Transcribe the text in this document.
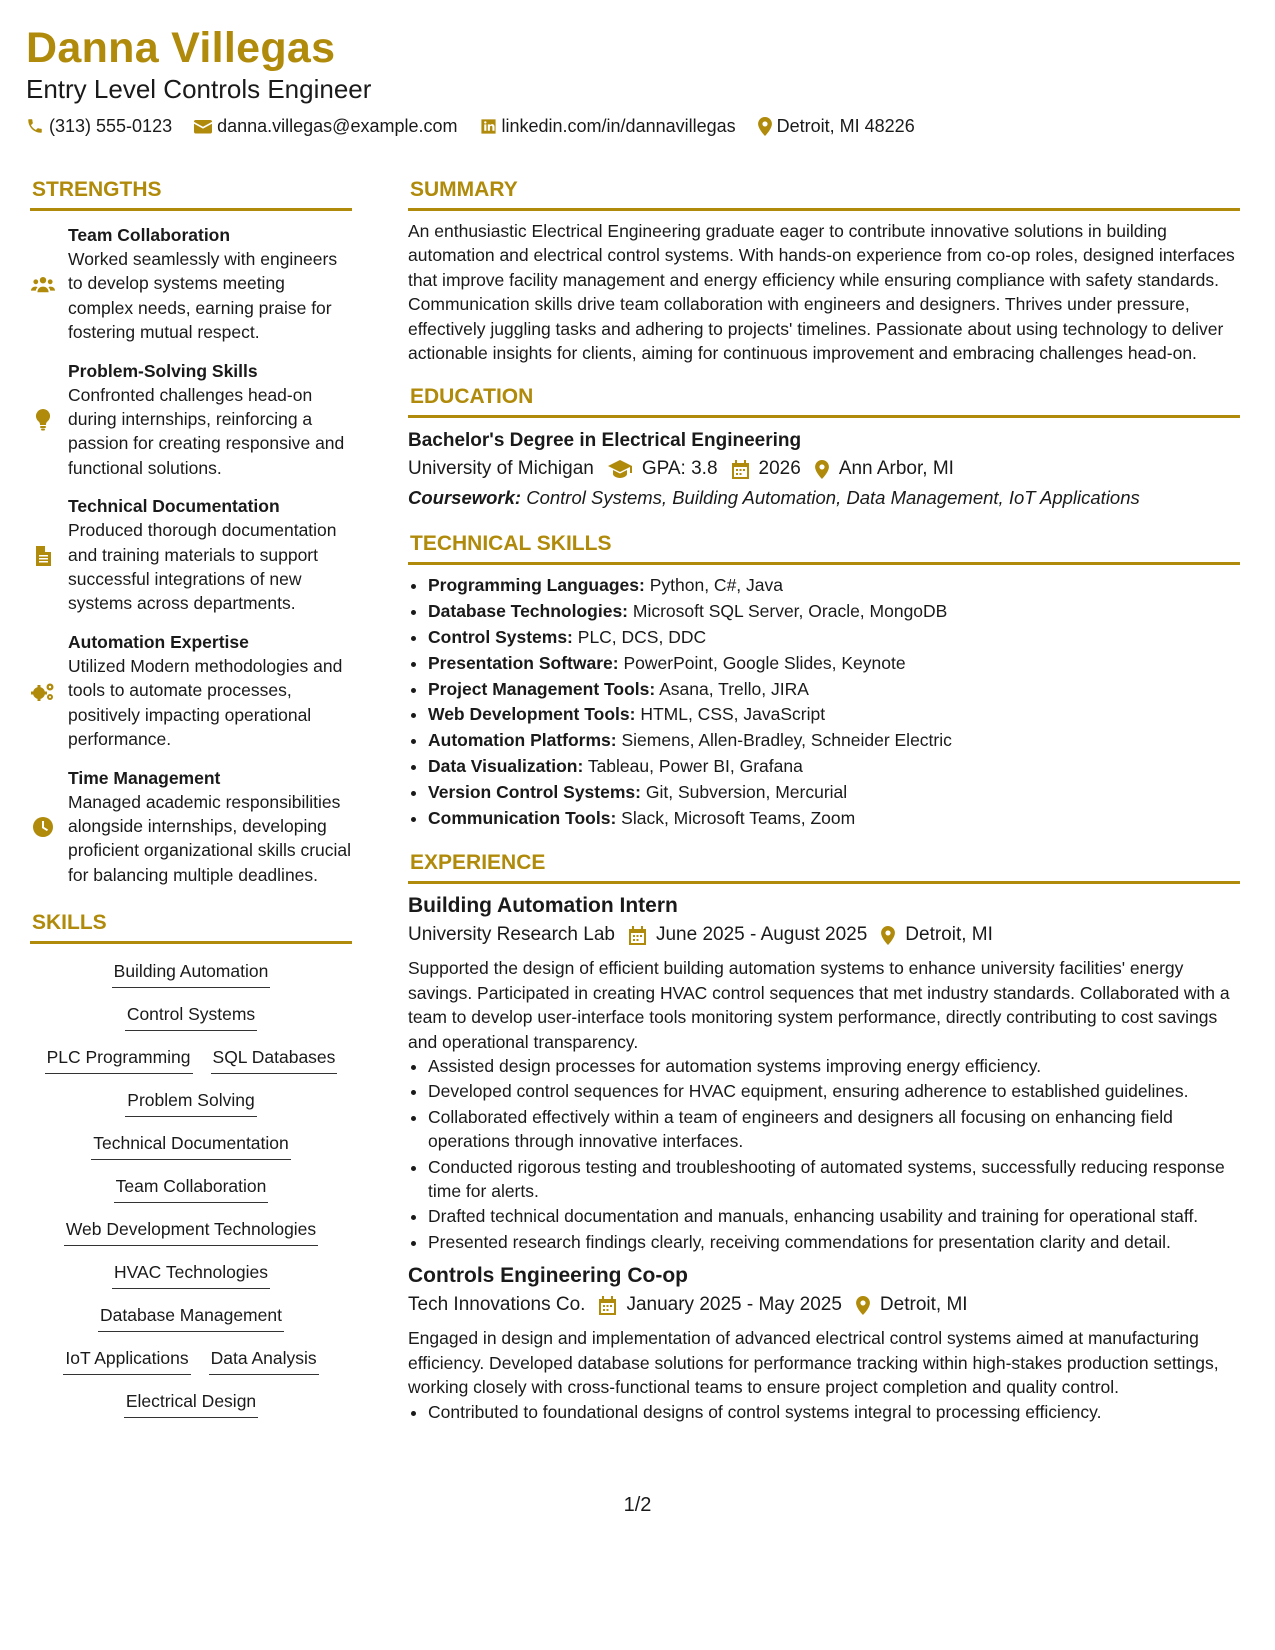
Danna Villegas
Entry Level Controls Engineer
(313) 555-0123	danna.villegas@example.com linkedin.com/in/dannavillegas Detroit, MI 48226
STRENGTHS
Team Collaboration
Worked seamlessly with engineers to develop systems meeting complex needs, earning praise for fostering mutual respect.
Problem-Solving Skills
Confronted challenges head-on during internships, reinforcing a passion for creating responsive and functional solutions.
Technical Documentation
Produced thorough documentation and training materials to support successful integrations of new systems across departments.
Automation Expertise
Utilized Modern methodologies and tools to automate processes, positively impacting operational performance.
Time Management
Managed academic responsibilities alongside internships, developing proficient organizational skills crucial for balancing multiple deadlines.
SKILLS
Building Automation
Control Systems
PLC Programming SQL Databases
Problem Solving
Technical Documentation
Team Collaboration
Web Development Technologies
HVAC Technologies
Database Management
IoT Applications Data Analysis
Electrical Design
SUMMARY

An enthusiastic Electrical Engineering graduate eager to contribute innovative solutions in building automation and electrical control systems. With hands-on experience from co-op roles, designed interfaces that improve facility management and energy efficiency while ensuring compliance with safety standards. Communication skills drive team collaboration with engineers and designers. Thrives under pressure, effectively juggling tasks and adhering to projects' timelines. Passionate about using technology to deliver actionable insights for clients, aiming for continuous improvement and embracing challenges head-on.

EDUCATION
Bachelor's Degree in Electrical Engineering
University of Michigan	GPA: 3.8 2026 Ann Arbor, MI
Coursework: Control Systems, Building Automation, Data Management, IoT Applications
TECHNICAL SKILLS
• Programming Languages: Python, C#, Java
• Database Technologies: Microsoft SQL Server, Oracle, MongoDB
• Control Systems: PLC, DCS, DDC
• Presentation Software: PowerPoint, Google Slides, Keynote
• Project Management Tools: Asana, Trello, JIRA
• Web Development Tools: HTML, CSS, JavaScript
• Automation Platforms: Siemens, Allen-Bradley, Schneider Electric
• Data Visualization: Tableau, Power BI, Grafana
• Version Control Systems: Git, Subversion, Mercurial
• Communication Tools: Slack, Microsoft Teams, Zoom
EXPERIENCE
Building Automation Intern
University Research Lab June 2025 - August 2025 Detroit, MI

Supported the design of efficient building automation systems to enhance university facilities' energy savings. Participated in creating HVAC control sequences that met industry standards. Collaborated with a team to develop user-interface tools monitoring system performance, directly contributing to cost savings and operational transparency.

• Assisted design processes for automation systems improving energy efficiency.
• Developed control sequences for HVAC equipment, ensuring adherence to established guidelines.
• Collaborated effectively within a team of engineers and designers all focusing on enhancing field operations through innovative interfaces.
• Conducted rigorous testing and troubleshooting of automated systems, successfully reducing response time for alerts.
• Drafted technical documentation and manuals, enhancing usability and training for operational staff.
• Presented research findings clearly, receiving commendations for presentation clarity and detail.
Controls Engineering Co-op
Tech Innovations Co. January 2025 - May 2025 Detroit, MI

Engaged in design and implementation of advanced electrical control systems aimed at manufacturing efficiency. Developed database solutions for performance tracking within high-stakes production settings, working closely with cross-functional teams to ensure project completion and quality control.

• Contributed to foundational designs of control systems integral to processing efficiency.
1/2
